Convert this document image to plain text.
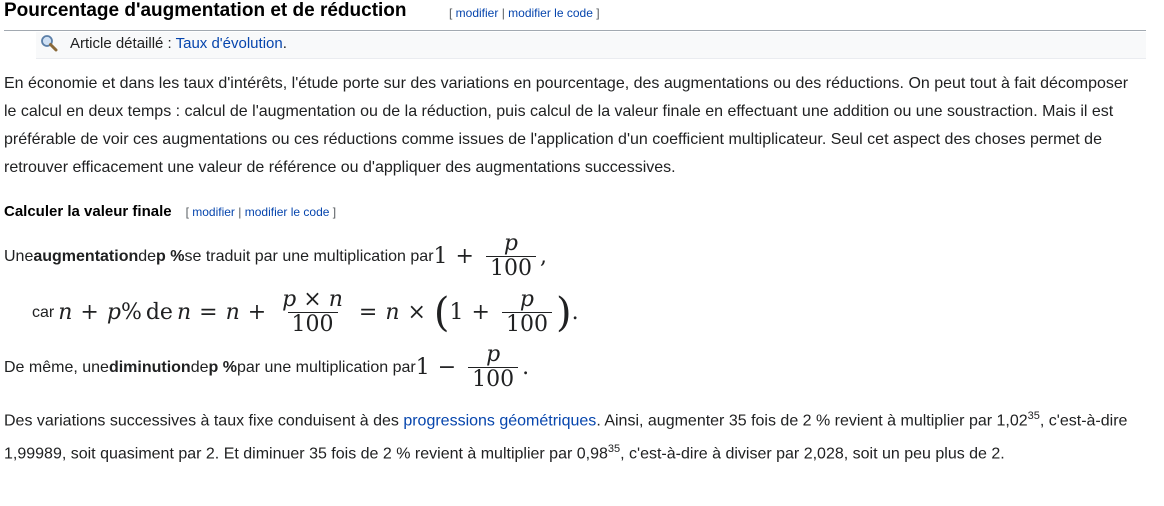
Pourcentage d'augmentation et de réduction	[ modifier | modifier le code ]
Article détaillé : Taux d'évolution.
En économie et dans les taux d'intérêts, l'étude porte sur des variations en pourcentage, des augmentations ou des réductions. On peut tout à fait décomposer le calcul en deux temps : calcul de l'augmentation ou de la réduction, puis calcul de la valeur finale en effectuant une addition ou une soustraction. Mais il est préférable de voir ces augmentations ou ces réductions comme issues de l'application d'un coefficient multiplicateur. Seul cet aspect des choses permet de retrouver efficacement une valeur de référence ou d'appliquer des augmentations successives.
Calculer la valeur finale [ modifier | modifier le code ]
Une augmentation de p % se traduit par une multiplication par $1 + \frac{p}{100}$ ,
car n + p % de $n = n + \frac{p \times n}{100} = n$ × ( $1 + \frac{p}{100}$ ) .
De même, une diminution de p % par une multiplication par $1 - \frac{p}{100}$ .
Des variations successives à taux fixe conduisent à des progressions géométriques. Ainsi, augmenter 35 fois de 2 % revient à multiplier par 1,02$^{35}$, c'est-à-dire 1,99989, soit quasiment par 2. Et diminuer 35 fois de 2 % revient à multiplier par 0,98$^{35}$, c'est-à-dire à diviser par 2,028, soit un peu plus de 2.
